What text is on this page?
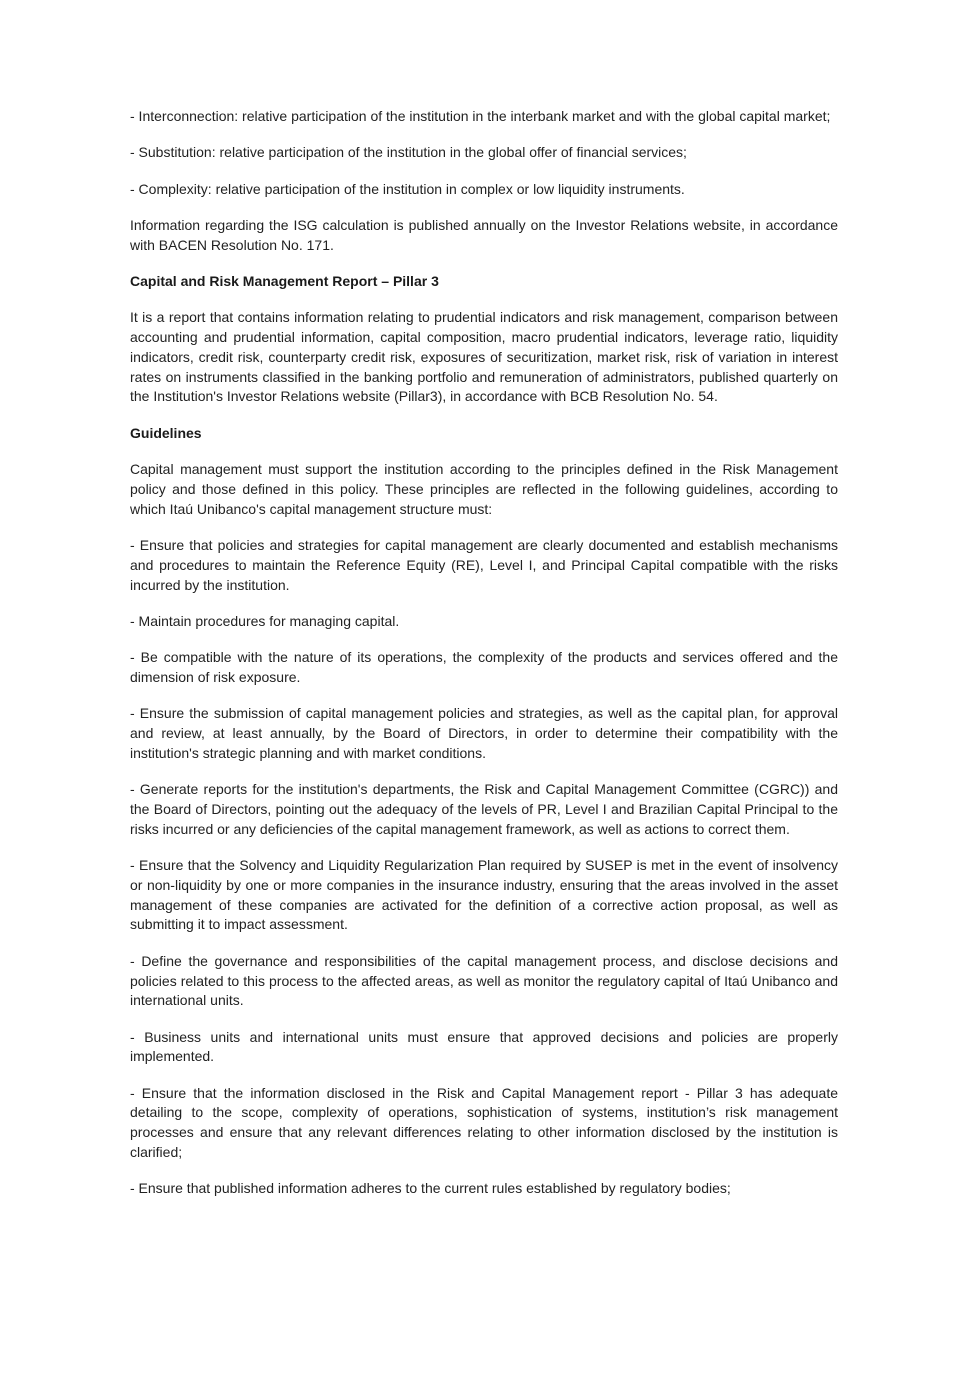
- Interconnection: relative participation of the institution in the interbank market and with the global capital market;

- Substitution: relative participation of the institution in the global offer of financial services;

- Complexity: relative participation of the institution in complex or low liquidity instruments.

Information regarding the ISG calculation is published annually on the Investor Relations website, in accordance with BACEN Resolution No. 171.

Capital and Risk Management Report – Pillar 3

It is a report that contains information relating to prudential indicators and risk management, comparison between accounting and prudential information, capital composition, macro prudential indicators, leverage ratio, liquidity indicators, credit risk, counterparty credit risk, exposures of securitization, market risk, risk of variation in interest rates on instruments classified in the banking portfolio and remuneration of administrators, published quarterly on the Institution's Investor Relations website (Pillar3), in accordance with BCB Resolution No. 54.

Guidelines

Capital management must support the institution according to the principles defined in the Risk Management policy and those defined in this policy. These principles are reflected in the following guidelines, according to which Itaú Unibanco's capital management structure must:

- Ensure that policies and strategies for capital management are clearly documented and establish mechanisms and procedures to maintain the Reference Equity (RE), Level I, and Principal Capital compatible with the risks incurred by the institution.

- Maintain procedures for managing capital.

- Be compatible with the nature of its operations, the complexity of the products and services offered and the dimension of risk exposure.

- Ensure the submission of capital management policies and strategies, as well as the capital plan, for approval and review, at least annually, by the Board of Directors, in order to determine their compatibility with the institution's strategic planning and with market conditions.

- Generate reports for the institution's departments, the Risk and Capital Management Committee (CGRC)) and the Board of Directors, pointing out the adequacy of the levels of PR, Level I and Brazilian Capital Principal to the risks incurred or any deficiencies of the capital management framework, as well as actions to correct them.

- Ensure that the Solvency and Liquidity Regularization Plan required by SUSEP is met in the event of insolvency or non-liquidity by one or more companies in the insurance industry, ensuring that the areas involved in the asset management of these companies are activated for the definition of a corrective action proposal, as well as submitting it to impact assessment.

- Define the governance and responsibilities of the capital management process, and disclose decisions and policies related to this process to the affected areas, as well as monitor the regulatory capital of Itaú Unibanco and international units.

- Business units and international units must ensure that approved decisions and policies are properly implemented.

- Ensure that the information disclosed in the Risk and Capital Management report - Pillar 3 has adequate detailing to the scope, complexity of operations, sophistication of systems, institution’s risk management processes and ensure that any relevant differences relating to other information disclosed by the institution is clarified;

- Ensure that published information adheres to the current rules established by regulatory bodies;
